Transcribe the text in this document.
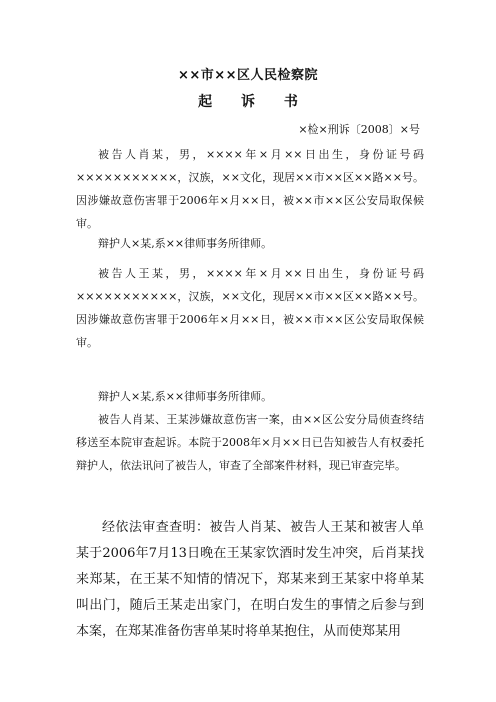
××市××区人民检察院
起 诉 书
×检×刑诉〔2008〕×号

被告人肖某，男，××××年×月××日出生，身份证号码×××××××××××，汉族，××文化，现居××市××区××路××号。因涉嫌故意伤害罪于2006年×月××日，被××市××区公安局取保候审。

辩护人×某,系××律师事务所律师。

被告人王某，男，××××年×月××日出生，身份证号码×××××××××××，汉族，××文化，现居××市××区××路××号。因涉嫌故意伤害罪于2006年×月××日，被××市××区公安局取保候审。

辩护人×某,系××律师事务所律师。

被告人肖某、王某涉嫌故意伤害一案，由××区公安分局侦查终结移送至本院审查起诉。本院于2008年×月××日已告知被告人有权委托辩护人，依法讯问了被告人，审查了全部案件材料，现已审查完毕。

经依法审查查明：被告人肖某、被告人王某和被害人单某于2006年7月13日晚在王某家饮酒时发生冲突，后肖某找来郑某，在王某不知情的情况下，郑某来到王某家中将单某叫出门，随后王某走出家门，在明白发生的事情之后参与到本案，在郑某准备伤害单某时将单某抱住，从而使郑某用
